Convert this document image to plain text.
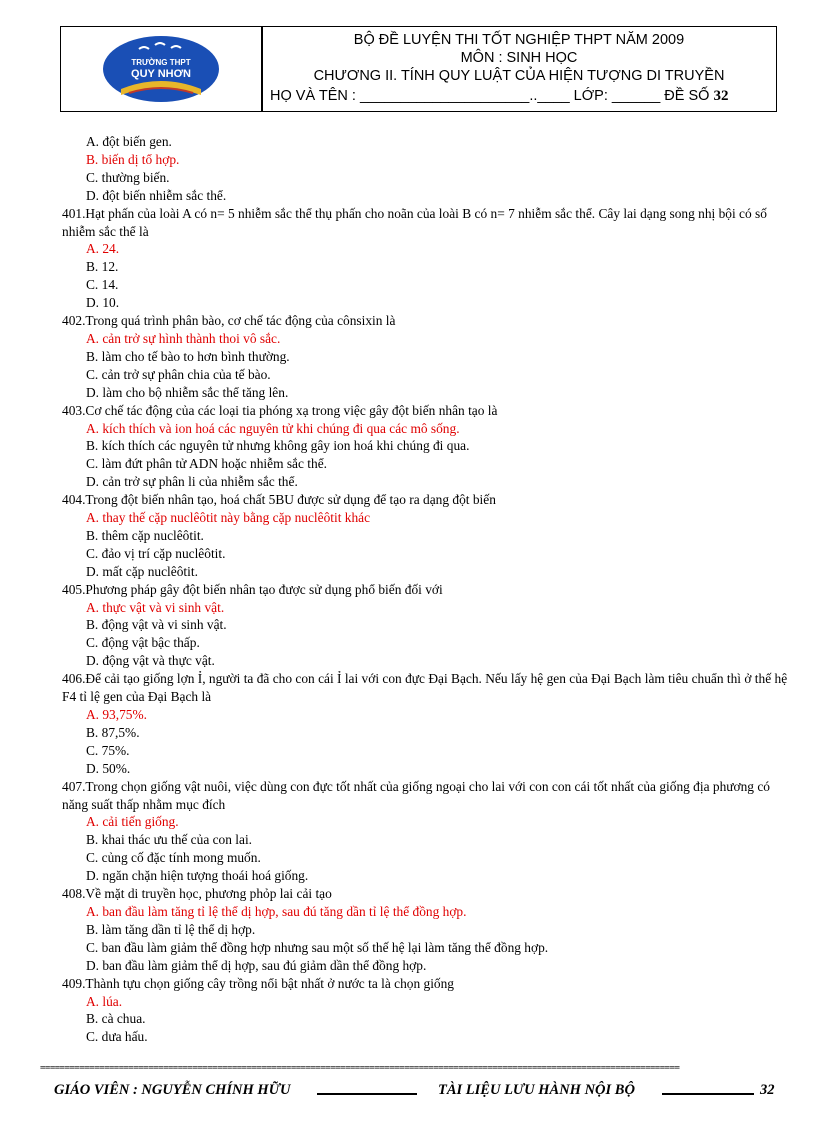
TRƯỜNG THPT
QUY NHƠN
BỘ ĐỀ LUYỆN THI TỐT NGHIỆP THPT NĂM 2009
MÔN : SINH HỌC
CHƯƠNG II. TÍNH QUY LUẬT CỦA HIỆN TƯỢNG DI TRUYỀN
HỌ VÀ TÊN : _____________________..____ LỚP: ______ ĐỀ SỐ 32

A. đột biến gen.

B. biến dị tổ hợp.

C. thường biến.

D. đột biến nhiễm sắc thể.

401.Hạt phấn của loài A có n= 5 nhiễm sắc thể thụ phấn cho noãn của loài B có n= 7 nhiễm sắc thể. Cây lai dạng song nhị bội có số nhiễm sắc thể là

A. 24.

B. 12.

C. 14.

D. 10.

402.Trong quá trình phân bào, cơ chế tác động của cônsixin là

A. cản trở sự hình thành thoi vô sắc.

B. làm cho tế bào to hơn bình thường.

C. cản trở sự phân chia của tế bào.

D. làm cho bộ nhiễm sắc thể tăng lên.

403.Cơ chế tác động của các loại tia phóng xạ trong việc gây đột biến nhân tạo là

A. kích thích và ion hoá các nguyên tử khi chúng đi qua các mô sống.

B. kích thích các nguyên tử nhưng không gây ion hoá khi chúng đi qua.

C. làm đứt phân tử ADN hoặc nhiễm sắc thể.

D. cản trở sự phân li của nhiễm sắc thể.

404.Trong đột biến nhân tạo, hoá chất 5BU được sử dụng để tạo ra dạng đột biến

A. thay thế cặp nuclêôtit này bằng cặp nuclêôtit khác

B. thêm cặp nuclêôtit.

C. đảo vị trí cặp nuclêôtit.

D. mất cặp nuclêôtit.

405.Phương pháp gây đột biến nhân tạo được sử dụng phổ biến đối với

A. thực vật và vi sinh vật.

B. động vật và vi sinh vật.

C. động vật bậc thấp.

D. động vật và thực vật.

406.Để cải tạo giống lợn Ỉ, người ta đã cho con cái Ỉ lai với con đực Đại Bạch. Nếu lấy hệ gen của Đại Bạch làm tiêu chuẩn thì ở thế hệ F4 tỉ lệ gen của Đại Bạch là

A. 93,75%.

B. 87,5%.

C. 75%.

D. 50%.

407.Trong chọn giống vật nuôi, việc dùng con đực tốt nhất của giống ngoại cho lai với con con cái tốt nhất của giống địa phương có năng suất thấp nhằm mục đích

A. cải tiến giống.

B. khai thác ưu thế của con lai.

C. củng cố đặc tính mong muốn.

D. ngăn chặn hiện tượng thoái hoá giống.

408.Về mặt di truyền học, phương phỏp lai cải tạo

A. ban đầu làm tăng tỉ lệ thể dị hợp, sau đú tăng dần tỉ lệ thể đồng hợp.

B. làm tăng dần tỉ lệ thể dị hợp.

C. ban đầu làm giảm thể đồng hợp nhưng sau một số thế hệ lại làm tăng thể đồng hợp.

D. ban đầu làm giảm thể dị hợp, sau đú giảm dần thể đồng hợp.

409.Thành tựu chọn giống cây trồng nổi bật nhất ở nước ta là chọn giống

A. lúa.

B. cà chua.

C. dưa hấu.

==================================================================================================================================
GIÁO VIÊN : NGUYỄN CHÍNH HỮU	TÀI LIỆU LƯU HÀNH NỘI BỘ	32
